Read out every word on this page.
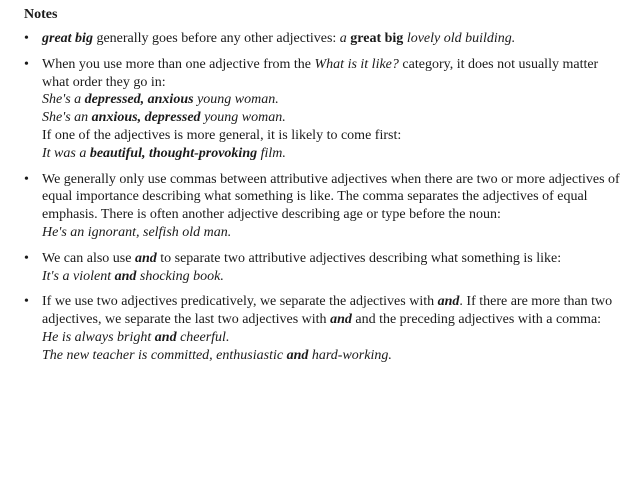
Notes
• great big generally goes before any other adjectives: a great big lovely old building.
• When you use more than one adjective from the What is it like? category, it does not usually matter what order they go in:
She's a depressed, anxious young woman.
She's an anxious, depressed young woman.
If one of the adjectives is more general, it is likely to come first:
It was a beautiful, thought-provoking film.
• We generally only use commas between attributive adjectives when there are two or more adjectives of equal importance describing what something is like. The comma separates the adjectives of equal emphasis. There is often another adjective describing age or type before the noun:
He's an ignorant, selfish old man.
• We can also use and to separate two attributive adjectives describing what something is like:
It's a violent and shocking book.
• If we use two adjectives predicatively, we separate the adjectives with and. If there are more than two adjectives, we separate the last two adjectives with and and the preceding adjectives with a comma:
He is always bright and cheerful.
The new teacher is committed, enthusiastic and hard-working.
